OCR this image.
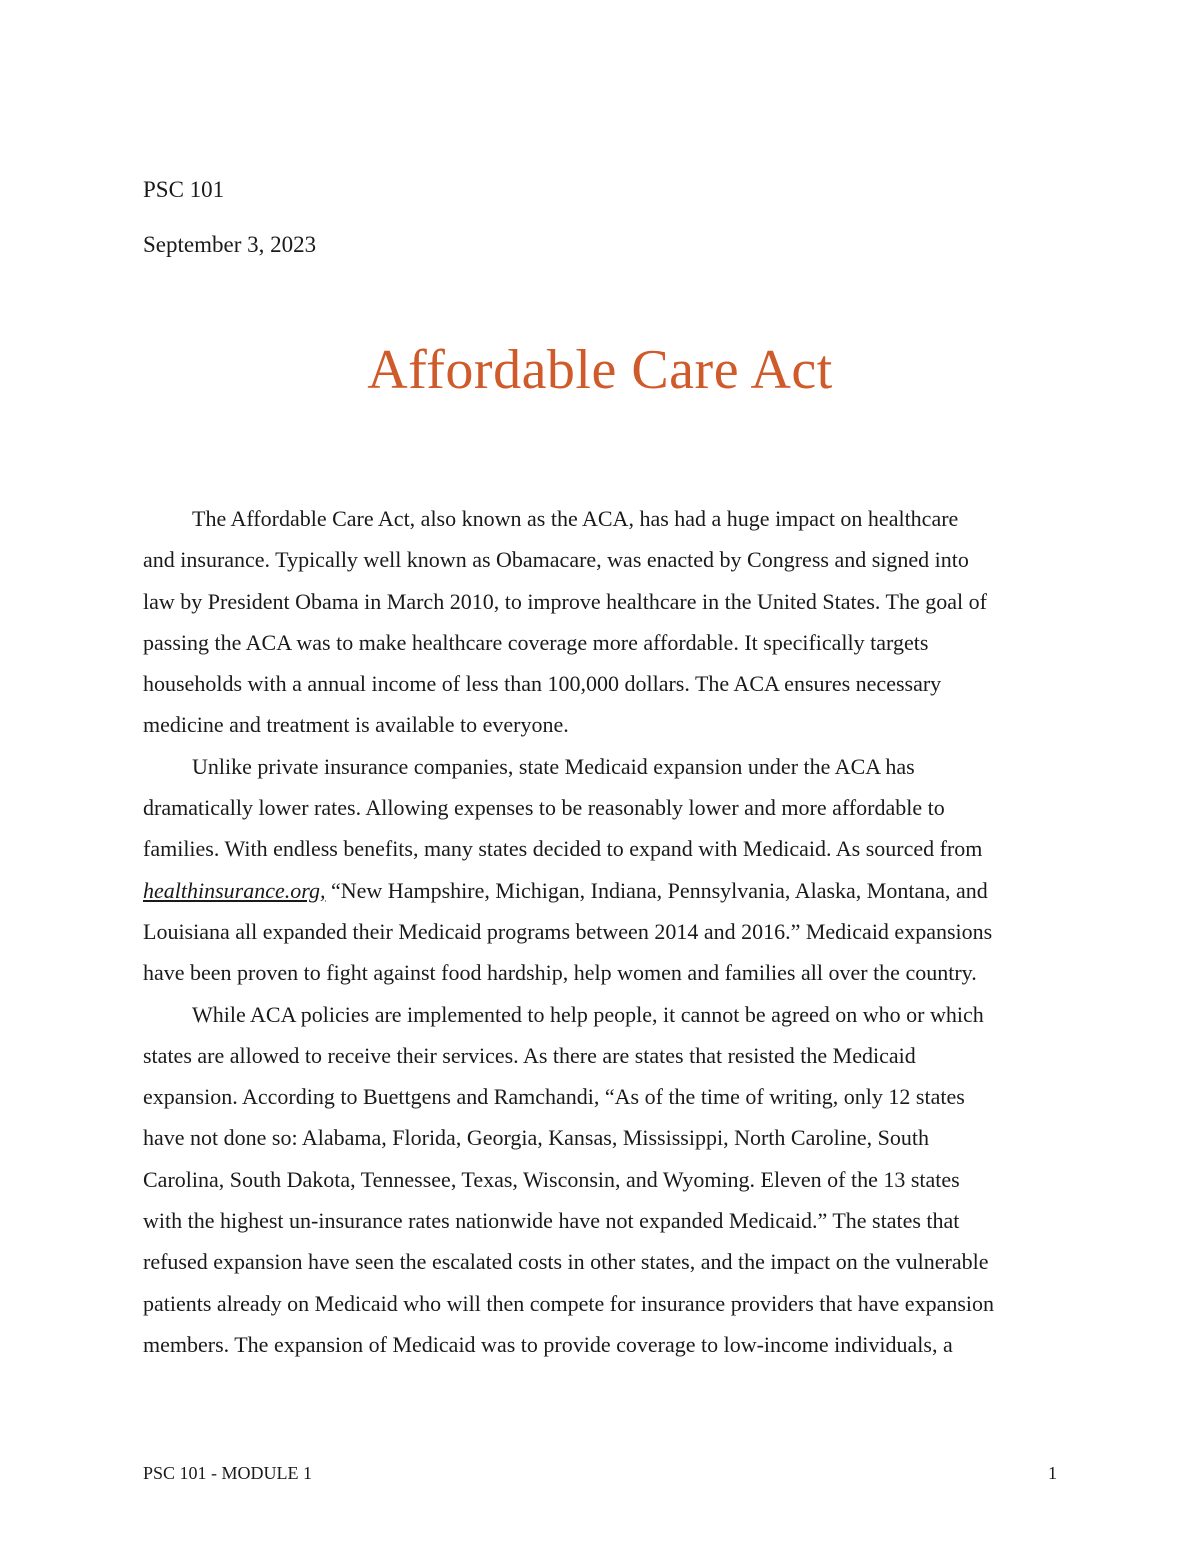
PSC 101
September 3, 2023
Affordable Care Act
The Affordable Care Act, also known as the ACA, has had a huge impact on healthcare
and insurance. Typically well known as Obamacare, was enacted by Congress and signed into
law by President Obama in March 2010, to improve healthcare in the United States. The goal of
passing the ACA was to make healthcare coverage more affordable. It specifically targets
households with a annual income of less than 100,000 dollars. The ACA ensures necessary
medicine and treatment is available to everyone.
Unlike private insurance companies, state Medicaid expansion under the ACA has
dramatically lower rates. Allowing expenses to be reasonably lower and more affordable to
families. With endless benefits, many states decided to expand with Medicaid. As sourced from
healthinsurance.org, “New Hampshire, Michigan, Indiana, Pennsylvania, Alaska, Montana, and
Louisiana all expanded their Medicaid programs between 2014 and 2016.” Medicaid expansions
have been proven to fight against food hardship, help women and families all over the country.
While ACA policies are implemented to help people, it cannot be agreed on who or which
states are allowed to receive their services. As there are states that resisted the Medicaid
expansion. According to Buettgens and Ramchandi, “As of the time of writing, only 12 states
have not done so: Alabama, Florida, Georgia, Kansas, Mississippi, North Caroline, South
Carolina, South Dakota, Tennessee, Texas, Wisconsin, and Wyoming. Eleven of the 13 states
with the highest un-insurance rates nationwide have not expanded Medicaid.” The states that
refused expansion have seen the escalated costs in other states, and the impact on the vulnerable
patients already on Medicaid who will then compete for insurance providers that have expansion
members. The expansion of Medicaid was to provide coverage to low-income individuals, a
PSC 101 - MODULE 1	1
